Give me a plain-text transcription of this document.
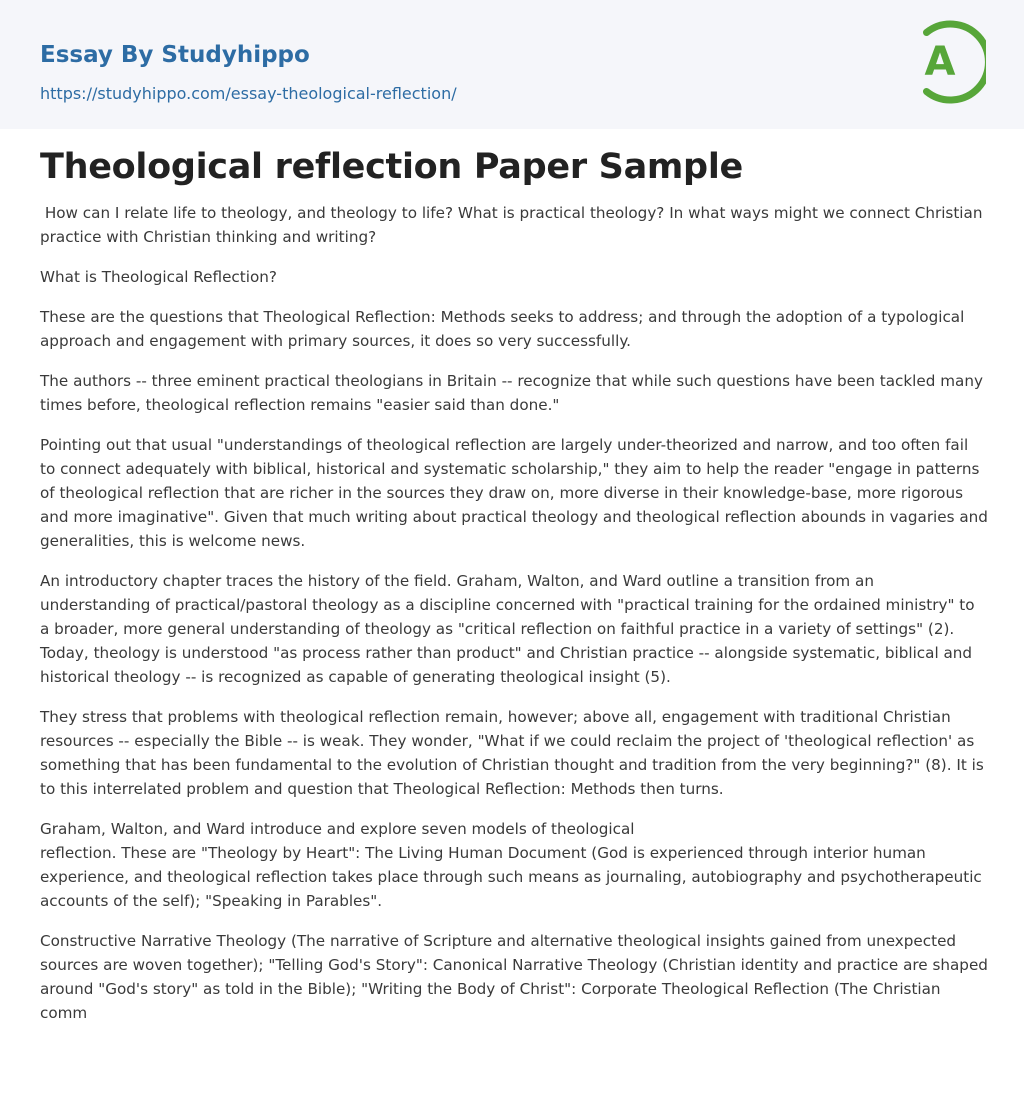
Essay By Studyhippo
https://studyhippo.com/essay-theological-reflection/
A
Theological reflection Paper Sample

How can I relate life to theology, and theology to life? What is practical theology? In what ways might we connect Christian practice with Christian thinking and writing?

What is Theological Reflection?

These are the questions that Theological Reflection: Methods seeks to address; and through the adoption of a typological approach and engagement with primary sources, it does so very successfully.

The authors -- three eminent practical theologians in Britain -- recognize that while such questions have been tackled many times before, theological reflection remains "easier said than done."

Pointing out that usual "understandings of theological reflection are largely under-theorized and narrow, and too often fail to connect adequately with biblical, historical and systematic scholarship," they aim to help the reader "engage in patterns of theological reflection that are richer in the sources they draw on, more diverse in their knowledge-base, more rigorous and more imaginative". Given that much writing about practical theology and theological reflection abounds in vagaries and generalities, this is welcome news.

An introductory chapter traces the history of the field. Graham, Walton, and Ward outline a transition from an understanding of practical/pastoral theology as a discipline concerned with "practical training for the ordained ministry" to a broader, more general understanding of theology as "critical reflection on faithful practice in a variety of settings" (2). Today, theology is understood "as process rather than product" and Christian practice -- alongside systematic, biblical and historical theology -- is recognized as capable of generating theological insight (5).

They stress that problems with theological reflection remain, however; above all, engagement with traditional Christian resources -- especially the Bible -- is weak. They wonder, "What if we could reclaim the project of 'theological reflection' as something that has been fundamental to the evolution of Christian thought and tradition from the very beginning?" (8). It is to this interrelated problem and question that Theological Reflection: Methods then turns.

Graham, Walton, and Ward introduce and explore seven models of theological
reflection. These are "Theology by Heart": The Living Human Document (God is experienced through interior human experience, and theological reflection takes place through such means as journaling, autobiography and psychotherapeutic accounts of the self); "Speaking in Parables".

Constructive Narrative Theology (The narrative of Scripture and alternative theological insights gained from unexpected sources are woven together); "Telling God's Story": Canonical Narrative Theology (Christian identity and practice are shaped around "God's story" as told in the Bible); "Writing the Body of Christ": Corporate Theological Reflection (The Christian comm
